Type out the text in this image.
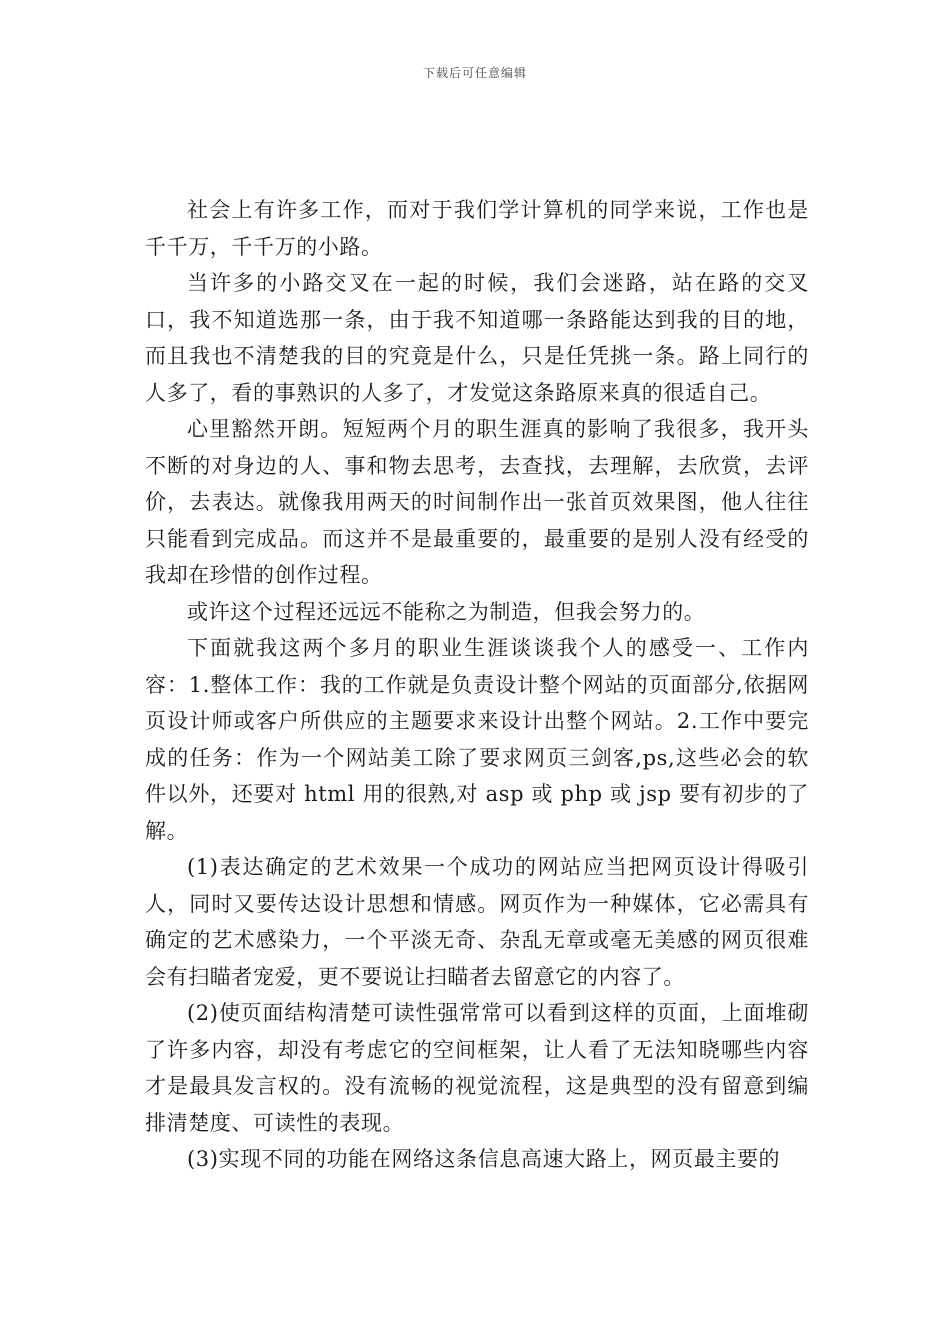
下载后可任意编辑

社会上有许多工作，而对于我们学计算机的同学来说，工作也是千千万，千千万的小路。

当许多的小路交叉在一起的时候，我们会迷路，站在路的交叉口，我不知道选那一条，由于我不知道哪一条路能达到我的目的地，而且我也不清楚我的目的究竟是什么，只是任凭挑一条。路上同行的人多了，看的事熟识的人多了，才发觉这条路原来真的很适自己。

心里豁然开朗。短短两个月的职生涯真的影响了我很多，我开头不断的对身边的人、事和物去思考，去查找，去理解，去欣赏，去评价，去表达。就像我用两天的时间制作出一张首页效果图，他人往往只能看到完成品。而这并不是最重要的，最重要的是别人没有经受的我却在珍惜的创作过程。

或许这个过程还远远不能称之为制造，但我会努力的。

下面就我这两个多月的职业生涯谈谈我个人的感受一、工作内容：1.整体工作：我的工作就是负责设计整个网站的页面部分,依据网页设计师或客户所供应的主题要求来设计出整个网站。2.工作中要完成的任务：作为一个网站美工除了要求网页三剑客,ps,这些必会的软件以外，还要对 html 用的很熟,对 asp 或 php 或 jsp 要有初步的了解。

(1)表达确定的艺术效果一个成功的网站应当把网页设计得吸引人，同时又要传达设计思想和情感。网页作为一种媒体，它必需具有确定的艺术感染力，一个平淡无奇、杂乱无章或毫无美感的网页很难会有扫瞄者宠爱，更不要说让扫瞄者去留意它的内容了。

(2)使页面结构清楚可读性强常常可以看到这样的页面，上面堆砌了许多内容，却没有考虑它的空间框架，让人看了无法知晓哪些内容才是最具发言权的。没有流畅的视觉流程，这是典型的没有留意到编排清楚度、可读性的表现。

(3)实现不同的功能在网络这条信息高速大路上，网页最主要的
